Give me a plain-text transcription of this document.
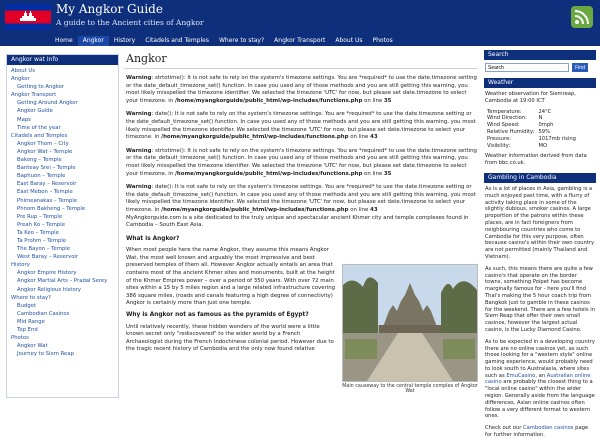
My Angkor Guide
A guide to the Ancient cities of Angkor
Home	Angkor	History	Citadels and Temples	Where to stay?	Angkor Transport	About Us	Photos
Angkor wat Info
About Us
Angkor
Getting to Angkor
Angkor Transport
Getting Around Angkor
Angkor Guide
Maps
Time of the year
Citadels and Temples
Angkor Thom – City
Angkor Wat – Temple
Bakong – Temple
Banteay Srei – Temple
Baphuon – Temple
East Baray – Reservoir
East Mebon – Temple
Phimeanakas – Temple
Phnom Bakheng – Temple
Pre Rup – Temple
Preah Ko – Temple
Ta Keo – Temple
Ta Prohm – Temple
The Bayon – Temple
West Baray – Reservoir
History
Angkor Empire History
Angkor Martial Arts – Pradal Serey
Angkor Religious history
Where to stay?
Budget
Cambodian Casinos
Mid Range
Top End
Photos
Angkor Wat
Journey to Siem Reap
Angkor

Warning: strtotime(): It is not safe to rely on the system's timezone settings. You are *required* to use the date.timezone setting or the date_default_timezone_set() function. In case you used any of those methods and you are still getting this warning, you most likely misspelled the timezone identifier. We selected the timezone 'UTC' for now, but please set date.timezone to select your timezone. in /home/myangkorguide/public_html/wp-includes/functions.php on line 35

Warning: date(): It is not safe to rely on the system's timezone settings. You are *required* to use the date.timezone setting or the date_default_timezone_set() function. In case you used any of those methods and you are still getting this warning, you most likely misspelled the timezone identifier. We selected the timezone 'UTC' for now, but please set date.timezone to select your timezone. in /home/myangkorguide/public_html/wp-includes/functions.php on line 43

Warning: strtotime(): It is not safe to rely on the system's timezone settings. You are *required* to use the date.timezone setting or the date_default_timezone_set() function. In case you used any of those methods and you are still getting this warning, you most likely misspelled the timezone identifier. We selected the timezone 'UTC' for now, but please set date.timezone to select your timezone. in /home/myangkorguide/public_html/wp-includes/functions.php on line 35

Warning: date(): It is not safe to rely on the system's timezone settings. You are *required* to use the date.timezone setting or the date_default_timezone_set() function. In case you used any of those methods and you are still getting this warning, you most likely misspelled the timezone identifier. We selected the timezone 'UTC' for now, but please set date.timezone to select your timezone. in /home/myangkorguide/public_html/wp-includes/functions.php on line 43

MyAngkorguide.com is a site dedicated to the truly unique and spectacular ancient Khmer city and temple complexes found in Cambodia – South East Asia.

What is Angkor?
When most people here the name Angkor, they assume this means Angkor Wat, the most well known and arguably the most impressive and best preserved temples of them all. However Angkor actually entails an area that contains most of the ancient Khmer sites and monuments, built at the height of the Khmer Empires power – over a period of 350 years. With over 72 main sites within a 15 by 5 miles region and a large related infrastructure covering 386 square miles, (roads and canals featuring a high degree of connectivity) Angkor is certainly more than just one temple.
Why is Angkor not as famous as the pyramids of Egypt?
Until relatively recently, these hidden wonders of the world were a little known secret only "rediscovered" to the wider world by a French Archaeologist during the French Indochinese colonial period. However due to the tragic recent history of Cambodia and the only now found relative
Main causeway to the central temple complex of Angkor Wat
Search
Search
Find
Weather
Weather observation for Siemreap, Cambodia at 19:00 ICT
Temperature:	24°C
Wind Direction:	N
Wind Speed:	0mph
Relative Humidity:	59%
Pressure:	1017mb rising
Visibility:	MO
Weather information derived from data from bbc.co.uk.
Gambling in Cambodia
As is a lot of places in Asia, gambling is a much enjoyed past time, with a flurry of activity taking place in some of the slightly dubious, smoker casinos. A large proportion of the patrons within these places, are in fact foreigners from neighbouring countries who come to Cambodia for this very purpose, often because casino's within their own country are not permitted (mainly Thailand and Vietnam).
As such, this means there are quite a few casino's that operate on the border towns, something Poipet has become marginally famous for - here you'll find Thai's making the 5 hour coach trip from Bangkok just to gamble in these casinos for the weekend. There are a few hotels in Siem Reap that offer their own small casinos, however the largest actual casino, is the Lucky Diamond Casino.
As to be expected in a developing country there are no online casinos yet, as such those looking for a "western style" online gaming experience, would probably need to look south to Australasia, where sites such as EmuCasino, an Australian online casino are probably the closest thing to a "local online casino" within the wider region. Generally aside from the language differences, Asian online casinos often follow a very different format to western ones.
Check out our Cambodian casinos page for further information.
